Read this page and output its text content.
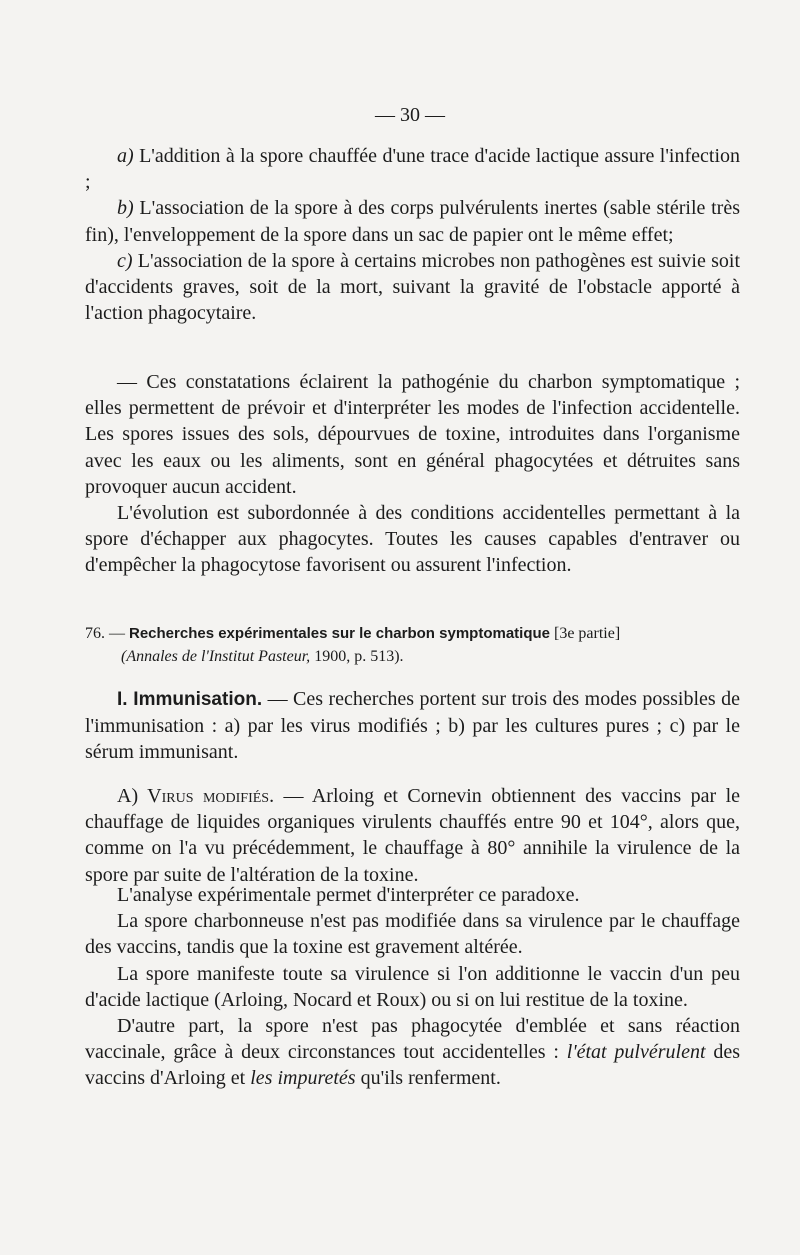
— 30 —

a) L'addition à la spore chauffée d'une trace d'acide lactique assure l'infection ;

b) L'association de la spore à des corps pulvérulents inertes (sable stérile très fin), l'enveloppement de la spore dans un sac de papier ont le même effet;

c) L'association de la spore à certains microbes non pathogènes est suivie soit d'accidents graves, soit de la mort, suivant la gravité de l'obstacle apporté à l'action phagocytaire.

— Ces constatations éclairent la pathogénie du charbon symptomatique ; elles permettent de prévoir et d'interpréter les modes de l'infection accidentelle. Les spores issues des sols, dépourvues de toxine, introduites dans l'organisme avec les eaux ou les aliments, sont en général phagocytées et détruites sans provoquer aucun accident.

L'évolution est subordonnée à des conditions accidentelles permettant à la spore d'échapper aux phagocytes. Toutes les causes capables d'entraver ou d'empêcher la phagocytose favorisent ou assurent l'infection.

76. — Recherches expérimentales sur le charbon symptomatique [3e partie]
(Annales de l'Institut Pasteur, 1900, p. 513).

I. Immunisation. — Ces recherches portent sur trois des modes possibles de l'immunisation : a) par les virus modifiés ; b) par les cultures pures ; c) par le sérum immunisant.

A) Virus modifiés. — Arloing et Cornevin obtiennent des vaccins par le chauffage de liquides organiques virulents chauffés entre 90 et 104°, alors que, comme on l'a vu précédemment, le chauffage à 80° annihile la virulence de la spore par suite de l'altération de la toxine.

L'analyse expérimentale permet d'interpréter ce paradoxe.

La spore charbonneuse n'est pas modifiée dans sa virulence par le chauffage des vaccins, tandis que la toxine est gravement altérée.

La spore manifeste toute sa virulence si l'on additionne le vaccin d'un peu d'acide lactique (Arloing, Nocard et Roux) ou si on lui restitue de la toxine.

D'autre part, la spore n'est pas phagocytée d'emblée et sans réaction vaccinale, grâce à deux circonstances tout accidentelles : l'état pulvérulent des vaccins d'Arloing et les impuretés qu'ils renferment.
